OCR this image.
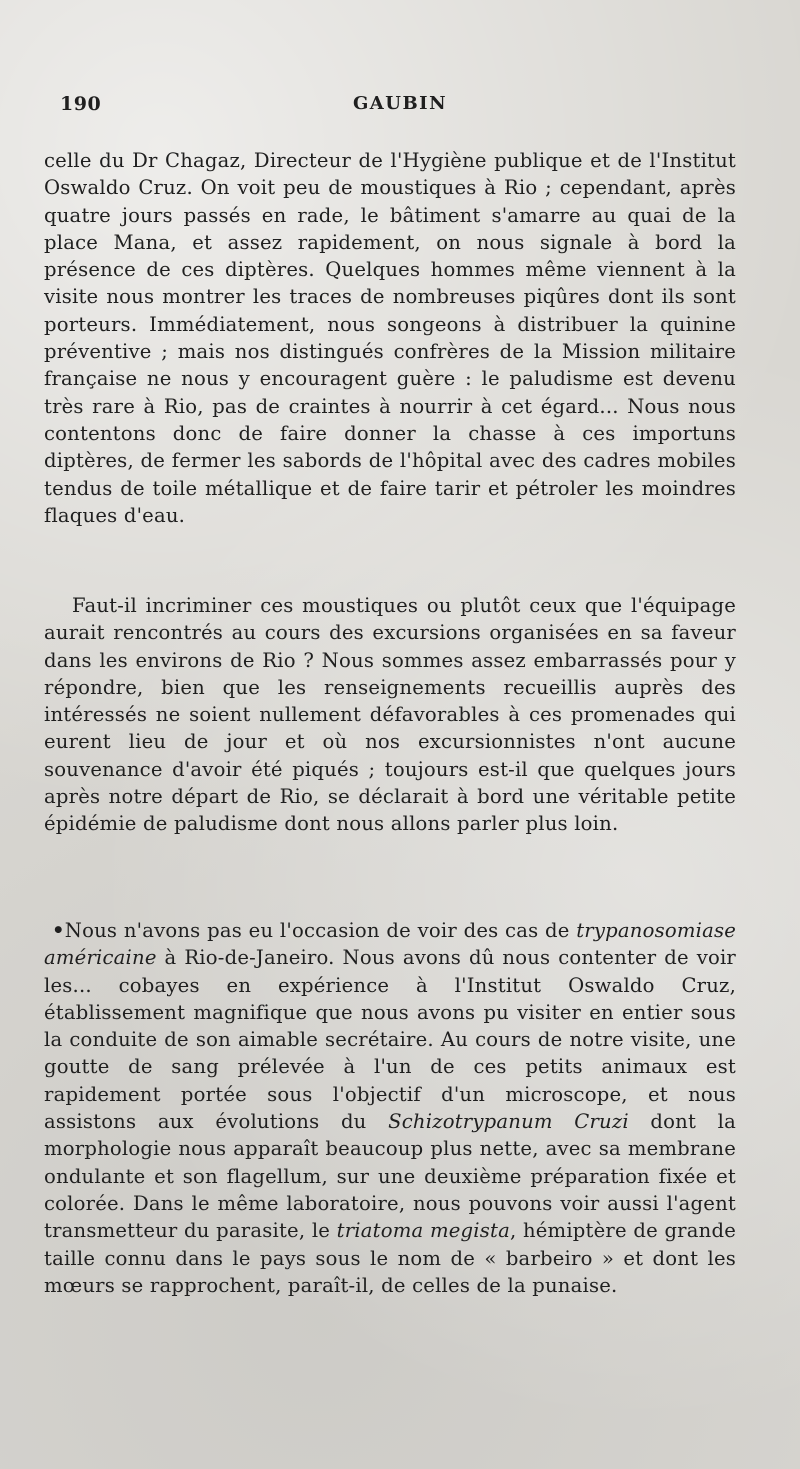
190	GAUBIN

celle du Dr Chagaz, Directeur de l'Hygiène publique et de l'Institut Oswaldo Cruz. On voit peu de moustiques à Rio ; cependant, après quatre jours passés en rade, le bâtiment s'amarre au quai de la place Mana, et assez rapidement, on nous signale à bord la présence de ces diptères. Quelques hommes même viennent à la visite nous montrer les traces de nombreuses piqûres dont ils sont porteurs. Immédiatement, nous songeons à distribuer la quinine préventive ; mais nos distingués confrères de la Mission militaire française ne nous y encouragent guère : le paludisme est devenu très rare à Rio, pas de craintes à nourrir à cet égard... Nous nous contentons donc de faire donner la chasse à ces importuns diptères, de fermer les sabords de l'hôpital avec des cadres mobiles tendus de toile métallique et de faire tarir et pétroler les moindres flaques d'eau.

Faut-il incriminer ces moustiques ou plutôt ceux que l'équipage aurait rencontrés au cours des excursions organisées en sa faveur dans les environs de Rio ? Nous sommes assez embarrassés pour y répondre, bien que les renseignements recueillis auprès des intéressés ne soient nullement défavorables à ces promenades qui eurent lieu de jour et où nos excursionnistes n'ont aucune souvenance d'avoir été piqués ; toujours est-il que quelques jours après notre départ de Rio, se déclarait à bord une véritable petite épidémie de paludisme dont nous allons parler plus loin.

•Nous n'avons pas eu l'occasion de voir des cas de trypanosomiase américaine à Rio-de-Janeiro. Nous avons dû nous contenter de voir les... cobayes en expérience à l'Institut Oswaldo Cruz, établissement magnifique que nous avons pu visiter en entier sous la conduite de son aimable secrétaire. Au cours de notre visite, une goutte de sang prélevée à l'un de ces petits animaux est rapidement portée sous l'objectif d'un microscope, et nous assistons aux évolutions du Schizotrypanum Cruzi dont la morphologie nous apparaît beaucoup plus nette, avec sa membrane ondulante et son flagellum, sur une deuxième préparation fixée et colorée. Dans le même laboratoire, nous pouvons voir aussi l'agent transmetteur du parasite, le triatoma megista, hémiptère de grande taille connu dans le pays sous le nom de « barbeiro » et dont les mœurs se rapprochent, paraît-il, de celles de la punaise.
